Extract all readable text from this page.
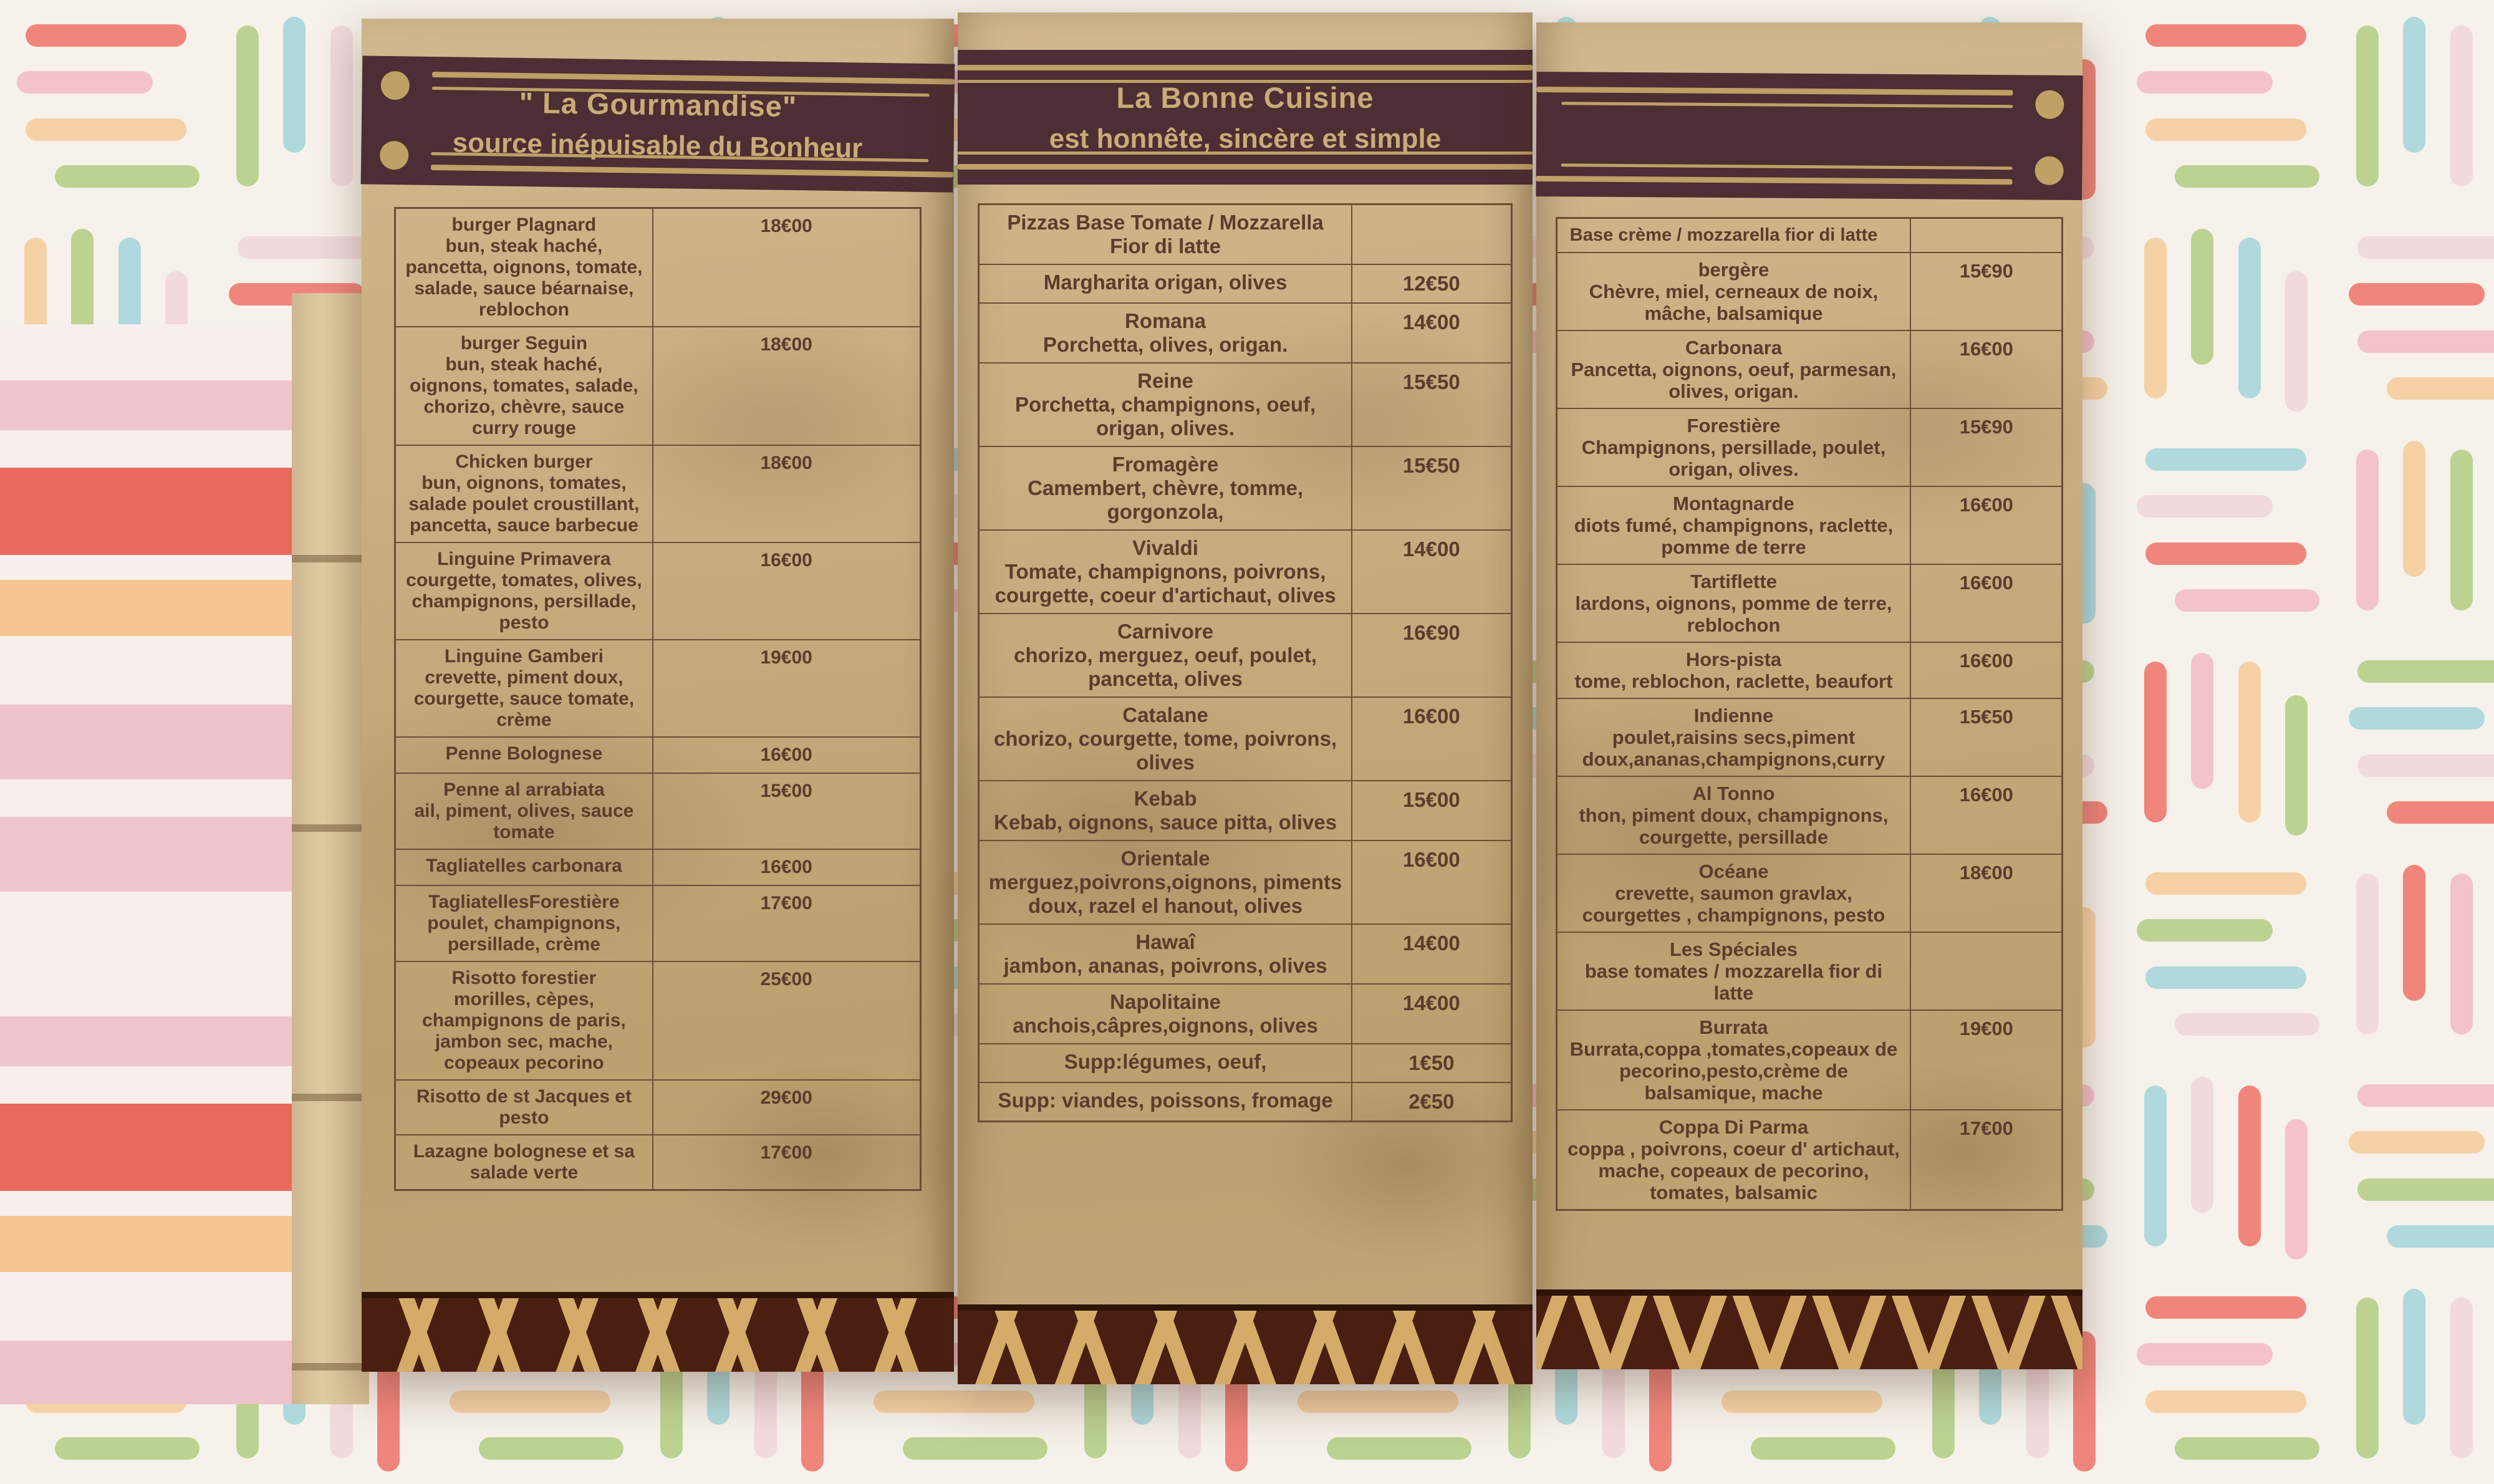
" La Gourmandise"
source inépuisable du Bonheur
burger Plagnard
bun, steak haché, pancetta, oignons, tomate, salade, sauce béarnaise, reblochon	18€00

burger Seguin
bun, steak haché, oignons, tomates, salade, chorizo, chèvre, sauce curry rouge	18€00

Chicken burger
bun, oignons, tomates, salade poulet croustillant, pancetta, sauce barbecue	18€00

Linguine Primavera
courgette, tomates, olives, champignons, persillade, pesto	16€00

Linguine Gamberi
crevette, piment doux, courgette, sauce tomate, crème	19€00

Penne Bolognese	16€00

Penne al arrabiata
ail, piment, olives, sauce tomate	15€00

Tagliatelles carbonara	16€00

TagliatellesForestière
poulet, champignons, persillade, crème	17€00

Risotto forestier
morilles, cèpes, champignons de paris, jambon sec, mache, copeaux pecorino	25€00

Risotto de st Jacques et pesto	29€00

Lazagne bolognese et sa salade verte	17€00
La Bonne Cuisine
est honnête, sincère et simple
Pizzas Base Tomate / Mozzarella
Fior di latte	

Margharita origan, olives	12€50

Romana
Porchetta, olives, origan.	14€00

Reine
Porchetta, champignons, oeuf, origan, olives.	15€50

Fromagère
Camembert, chèvre, tomme, gorgonzola,	15€50

Vivaldi
Tomate, champignons, poivrons, courgette, coeur d'artichaut, olives	14€00

Carnivore
chorizo, merguez, oeuf, poulet, pancetta, olives	16€90

Catalane
chorizo, courgette, tome, poivrons, olives	16€00

Kebab
Kebab, oignons, sauce pitta, olives	15€00

Orientale
merguez,poivrons,oignons, piments doux, razel el hanout, olives	16€00

Hawaî
jambon, ananas, poivrons, olives	14€00

Napolitaine
anchois,câpres,oignons, olives	14€00

Supp:légumes, oeuf,	1€50

Supp: viandes, poissons, fromage	2€50
Base crème / mozzarella fior di latte	

bergère
Chèvre, miel, cerneaux de noix, mâche, balsamique	15€90

Carbonara
Pancetta, oignons, oeuf, parmesan, olives, origan.	16€00

Forestière
Champignons, persillade, poulet, origan, olives.	15€90

Montagnarde
diots fumé, champignons, raclette, pomme de terre	16€00

Tartiflette
lardons, oignons, pomme de terre, reblochon	16€00

Hors-pista
tome, reblochon, raclette, beaufort	16€00

Indienne
poulet,raisins secs,piment doux,ananas,champignons,curry	15€50

Al Tonno
thon, piment doux, champignons, courgette, persillade	16€00

Océane
crevette, saumon gravlax, courgettes , champignons, pesto	18€00

Les Spéciales
base tomates / mozzarella fior di latte	

Burrata
Burrata,coppa ,tomates,copeaux de pecorino,pesto,crème de balsamique, mache	19€00

Coppa Di Parma
coppa , poivrons, coeur d' artichaut, mache, copeaux de pecorino, tomates, balsamic	17€00
